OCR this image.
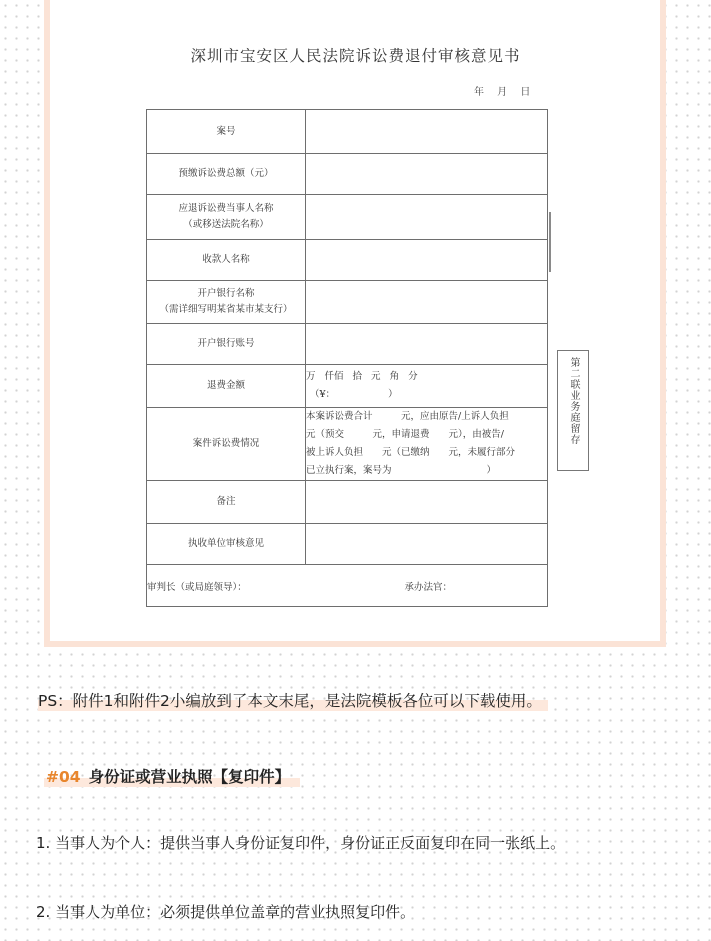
深圳市宝安区人民法院诉讼费退付审核意见书
年 月 日
案号	
预缴诉讼费总额（元）	

应退诉讼费当事人名称
（或移送法院名称）	

收款人名称	

开户银行名称
（需详细写明某省某市某支行）	

开户银行账号	
退费金额	万 仟佰 拾 元 角 分
（¥： ）

案件诉讼费情况	本案诉讼费合计　　　元，应由原告/上诉人负担
元（预交　　　元，申请退费　　元），由被告/
被上诉人负担　　元（已缴纳　　元，未履行部分
已立执行案，案号为　　　　　　　　　　）

备注	
执收单位审核意见	
审判长（或局庭领导）： 承办法官：	
第二联业务庭留存
PS：附件1和附件2小编放到了本文末尾，是法院模板各位可以下载使用。
#04 身份证或营业执照【复印件】
1. 当事人为个人：提供当事人身份证复印件，身份证正反面复印在同一张纸上。
2. 当事人为单位：必须提供单位盖章的营业执照复印件。
